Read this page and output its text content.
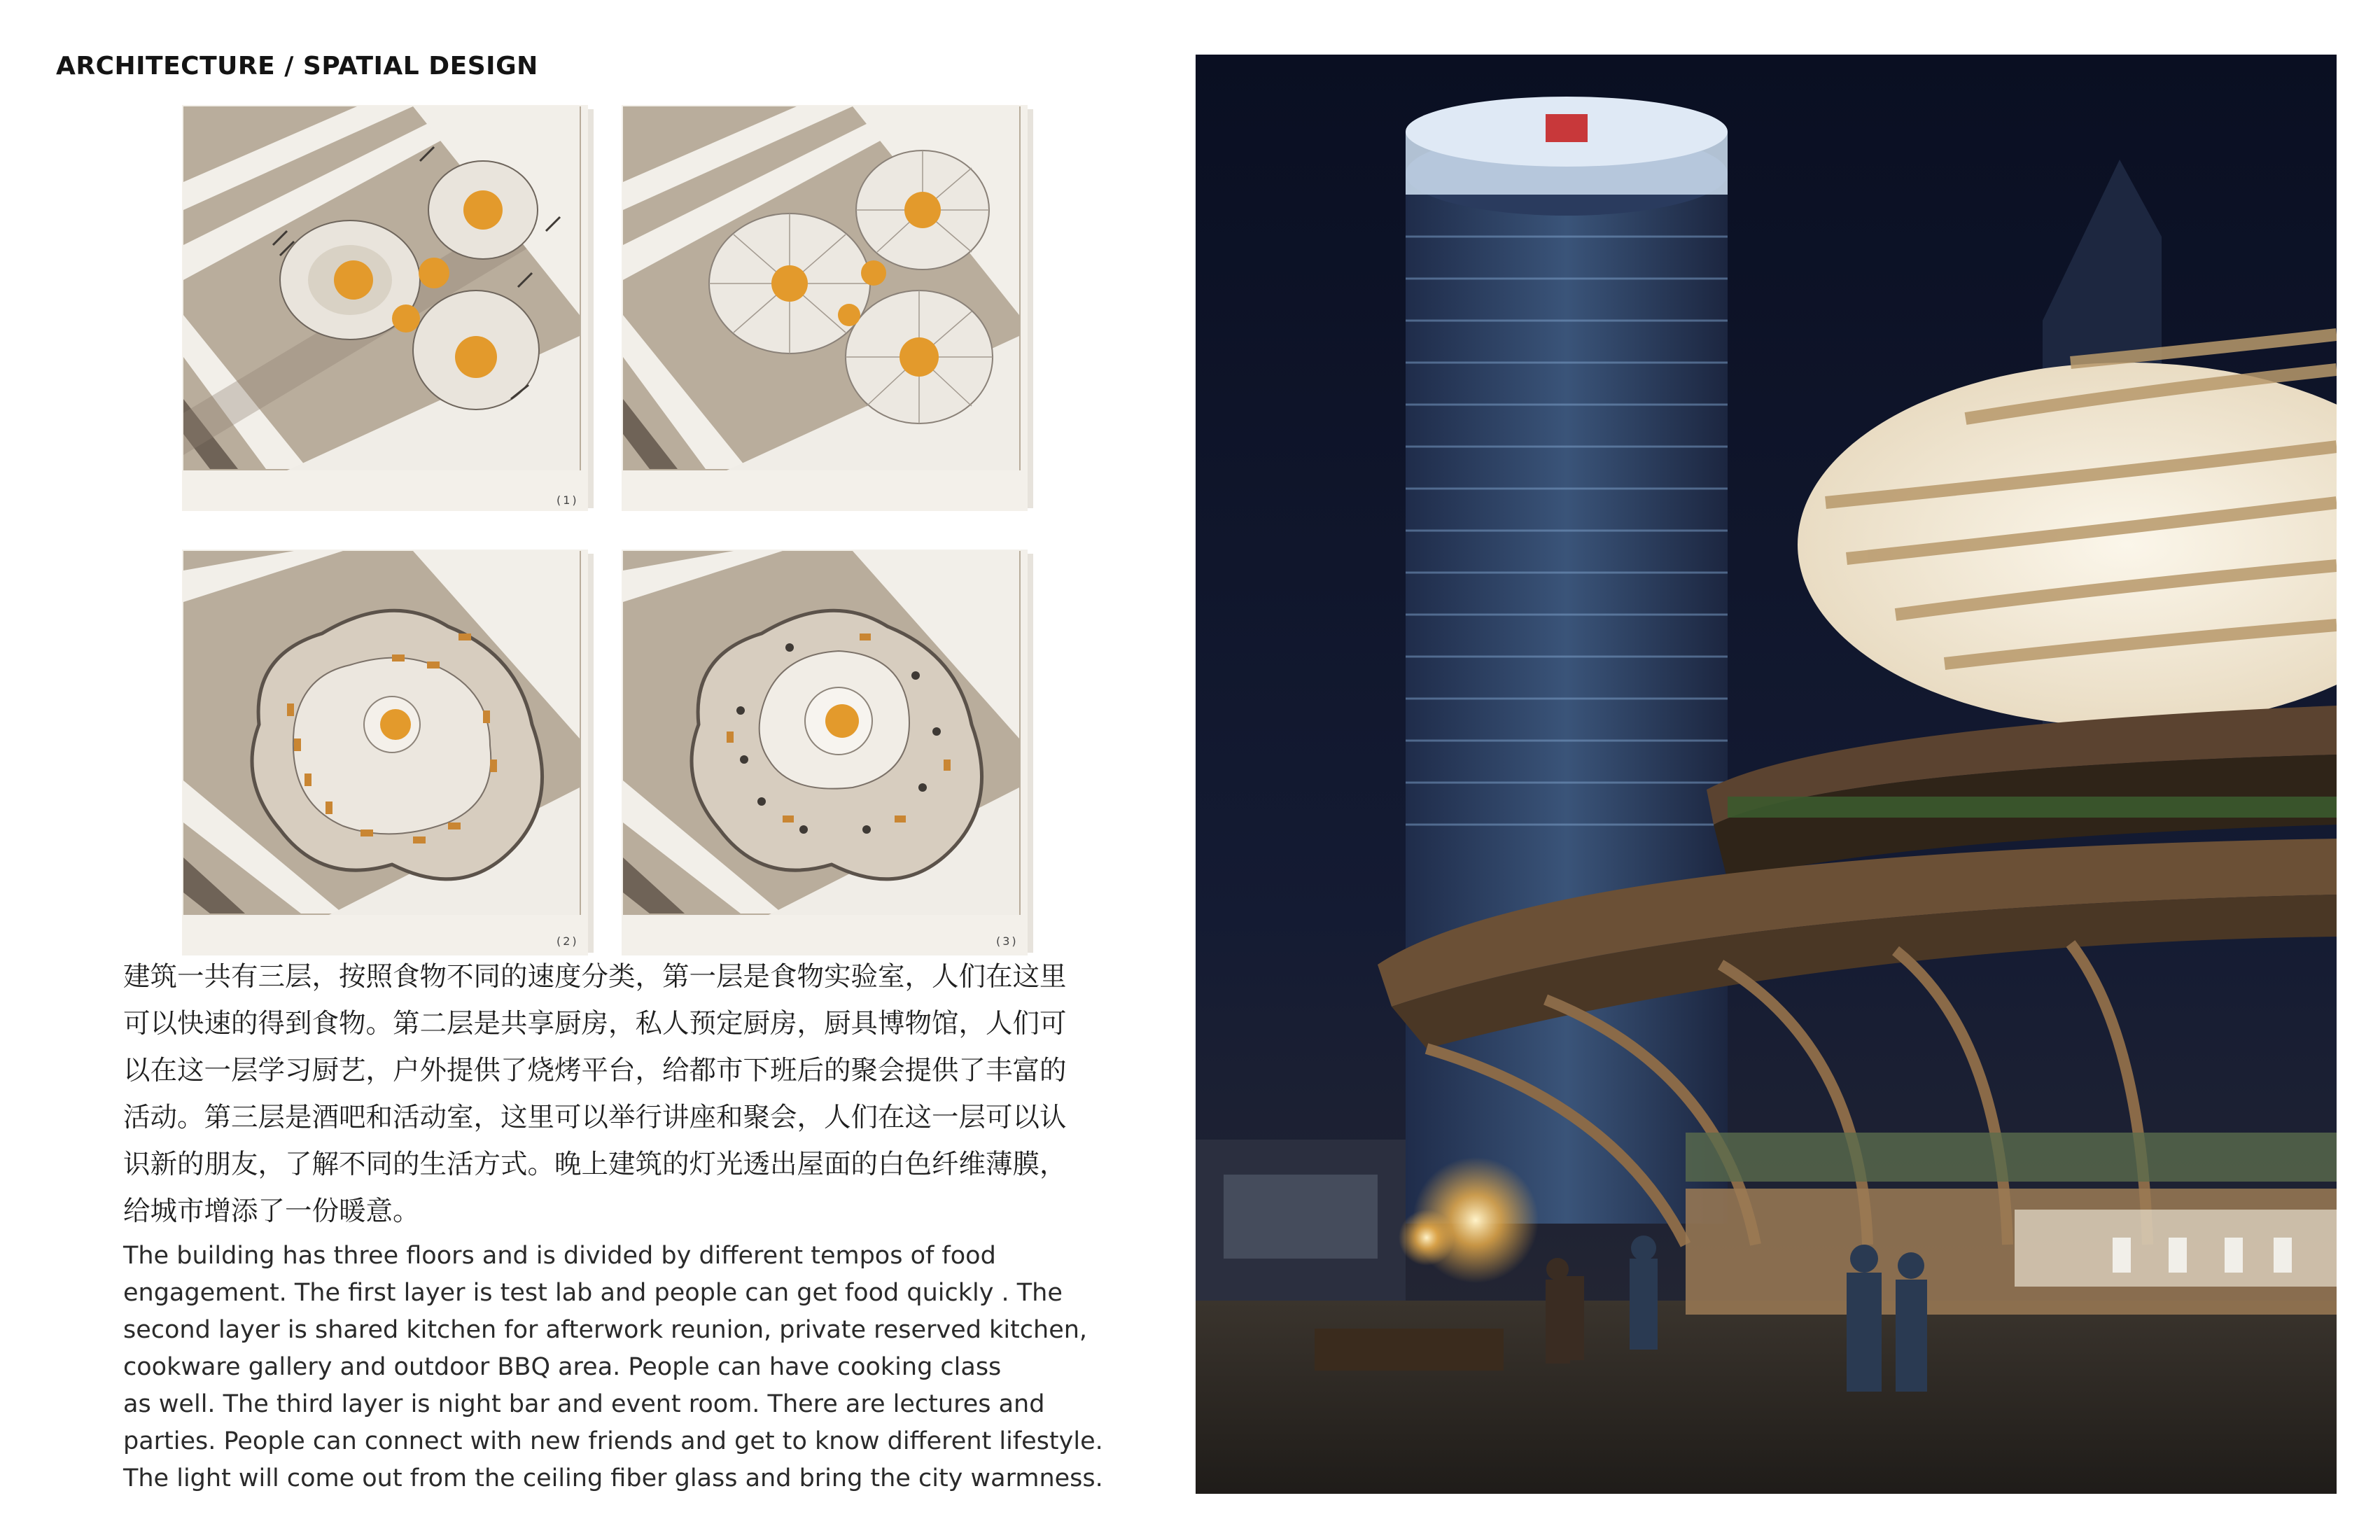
ARCHITECTURE / SPATIAL DESIGN
(1)
(2)	(3)
建筑一共有三层，按照食物不同的速度分类，第一层是食物实验室，人们在这里
可以快速的得到食物。第二层是共享厨房，私人预定厨房，厨具博物馆，人们可
以在这一层学习厨艺，户外提供了烧烤平台，给都市下班后的聚会提供了丰富的
活动。第三层是酒吧和活动室，这里可以举行讲座和聚会，人们在这一层可以认
识新的朋友，了解不同的生活方式。晚上建筑的灯光透出屋面的白色纤维薄膜，
给城市增添了一份暖意。
The building has three floors and is divided by different tempos of food
engagement. The first layer is test lab and people can get food quickly . The
second layer is shared kitchen for afterwork reunion, private reserved kitchen,
cookware gallery and outdoor BBQ area. People can have cooking class
as well. The third layer is night bar and event room. There are lectures and
parties. People can connect with new friends and get to know different lifestyle.
The light will come out from the ceiling fiber glass and bring the city warmness.
